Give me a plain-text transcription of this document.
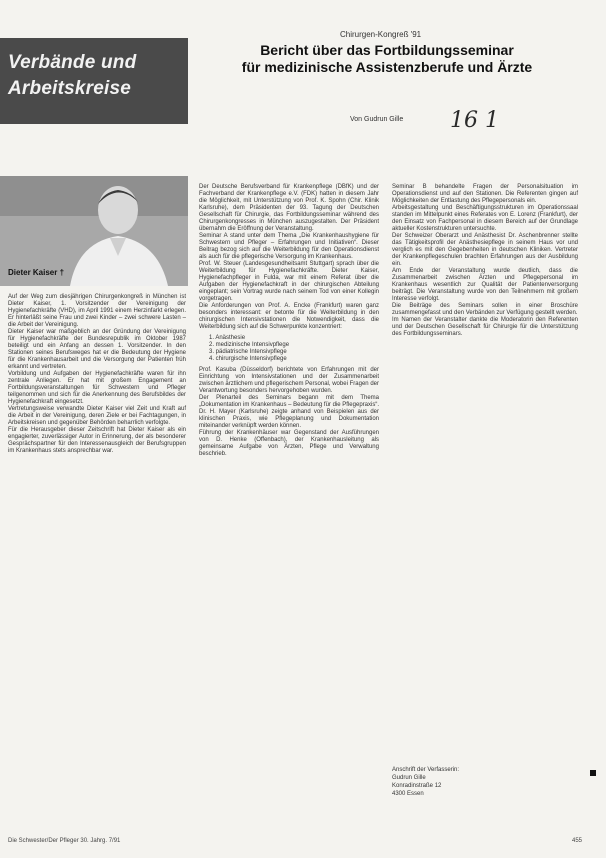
Verbände und
Arbeitskreise
Chirurgen-Kongreß '91
Bericht über das Fortbildungsseminar
für medizinische Assistenzberufe und Ärzte
Von Gudrun Gille 16 1
Dieter Kaiser †

Auf der Weg zum diesjährigen Chirurgenkongreß in München ist Dieter Kaiser, 1. Vorsitzender der Vereinigung der Hygienefachkräfte (VHD), im April 1991 einem Herzinfarkt erlegen. Er hinterläßt seine Frau und zwei Kinder – zwei schwere Lasten – die Arbeit der Vereinigung.

Dieter Kaiser war maßgeblich an der Gründung der Vereinigung für Hygienefachkräfte der Bundesrepublik im Oktober 1987 beteiligt und ein Anfang an dessen 1. Vorsitzender. In den Stationen seines Berufsweges hat er die Bedeutung der Hygiene für die Krankenhausarbeit und die Versorgung der Patienten früh erkannt und vertreten.

Vorbildung und Aufgaben der Hygienefachkräfte waren für ihn zentrale Anliegen. Er hat mit großem Engagement an Fortbildungsveranstaltungen für Schwestern und Pfleger teilgenommen und sich für die Anerkennung des Berufsbildes der Hygienefachkraft eingesetzt.

Vertretungsweise verwandte Dieter Kaiser viel Zeit und Kraft auf die Arbeit in der Vereinigung, deren Ziele er bei Fachtagungen, in Arbeitskreisen und gegenüber Behörden beharrlich verfolgte.

Für die Herausgeber dieser Zeitschrift hat Dieter Kaiser als ein engagierter, zuverlässiger Autor in Erinnerung, der als besonderer Gesprächspartner für den Interessenausgleich der Berufsgruppen im Krankenhaus stets ansprechbar war.

Der Deutsche Berufsverband für Krankenpflege (DBfK) und der Fachverband der Krankenpflege e.V. (FDK) hatten in diesem Jahr die Möglichkeit, mit Unterstützung von Prof. K. Spohn (Chir. Klinik Karlsruhe), dem Präsidenten der 93. Tagung der Deutschen Gesellschaft für Chirurgie, das Fortbildungsseminar während des Chirurgenkongresses in München auszugestalten. Der Präsident übernahm die Eröffnung der Veranstaltung.

Seminar A stand unter dem Thema „Die Krankenhaushygiene für Schwestern und Pfleger – Erfahrungen und Initiativen“. Dieser Beitrag bezog sich auf die Weiterbildung für den Operationsdienst als auch für die pflegerische Versorgung im Krankenhaus.

Prof. W. Steuer (Landesgesundheitsamt Stuttgart) sprach über die Weiterbildung für Hygienefachkräfte. Dieter Kaiser, Hygienefachpfleger in Fulda, war mit einem Referat über die Aufgaben der Hygienefachkraft in der chirurgischen Abteilung eingeplant; sein Vortrag wurde nach seinem Tod von einer Kollegin vorgetragen.

Die Anforderungen von Prof. A. Encke (Frankfurt) waren ganz besonders interessant: er betonte für die Weiterbildung in den chirurgischen Intensivstationen die Notwendigkeit, dass die Weiterbildung sich auf die Schwerpunkte konzentriert:

1. Anästhesie
2. medizinische Intensivpflege
3. pädiatrische Intensivpflege
4. chirurgische Intensivpflege

Prof. Kasuba (Düsseldorf) berichtete von Erfahrungen mit der Einrichtung von Intensivstationen und der Zusammenarbeit zwischen ärztlichem und pflegerischem Personal, wobei Fragen der Verantwortung besonders hervorgehoben wurden.

Der Plenarteil des Seminars begann mit dem Thema „Dokumentation im Krankenhaus – Bedeutung für die Pflegepraxis“. Dr. H. Mayer (Karlsruhe) zeigte anhand von Beispielen aus der klinischen Praxis, wie Pflegeplanung und Dokumentation miteinander verknüpft werden können.

Führung der Krankenhäuser war Gegenstand der Ausführungen von D. Henke (Offenbach), der Krankenhausleitung als gemeinsame Aufgabe von Ärzten, Pflege und Verwaltung beschrieb.

Seminar B behandelte Fragen der Personalsituation im Operationsdienst und auf den Stationen. Die Referenten gingen auf Möglichkeiten der Entlastung des Pflegepersonals ein.

Arbeitsgestaltung und Beschäftigungsstrukturen im Operationssaal standen im Mittelpunkt eines Referates von E. Lorenz (Frankfurt), der den Einsatz von Fachpersonal in diesem Bereich auf der Grundlage aktueller Kostenstrukturen untersuchte.

Der Schweizer Oberarzt und Anästhesist Dr. Aschenbrenner stellte das Tätigkeitsprofil der Anästhesiepflege in seinem Haus vor und verglich es mit den Gegebenheiten in deutschen Kliniken. Vertreter der Krankenpflegeschulen brachten Erfahrungen aus der Ausbildung ein.

Am Ende der Veranstaltung wurde deutlich, dass die Zusammenarbeit zwischen Ärzten und Pflegepersonal im Krankenhaus wesentlich zur Qualität der Patientenversorgung beiträgt. Die Veranstaltung wurde von den Teilnehmern mit großem Interesse verfolgt.

Die Beiträge des Seminars sollen in einer Broschüre zusammengefasst und den Verbänden zur Verfügung gestellt werden.

Im Namen der Veranstalter dankte die Moderatorin den Referenten und der Deutschen Gesellschaft für Chirurgie für die Unterstützung des Fortbildungsseminars.

Anschrift der Verfasserin:
Gudrun Gille
Konradinstraße 12
4300 Essen
Die Schwester/Der Pfleger 30. Jahrg. 7/91	455
